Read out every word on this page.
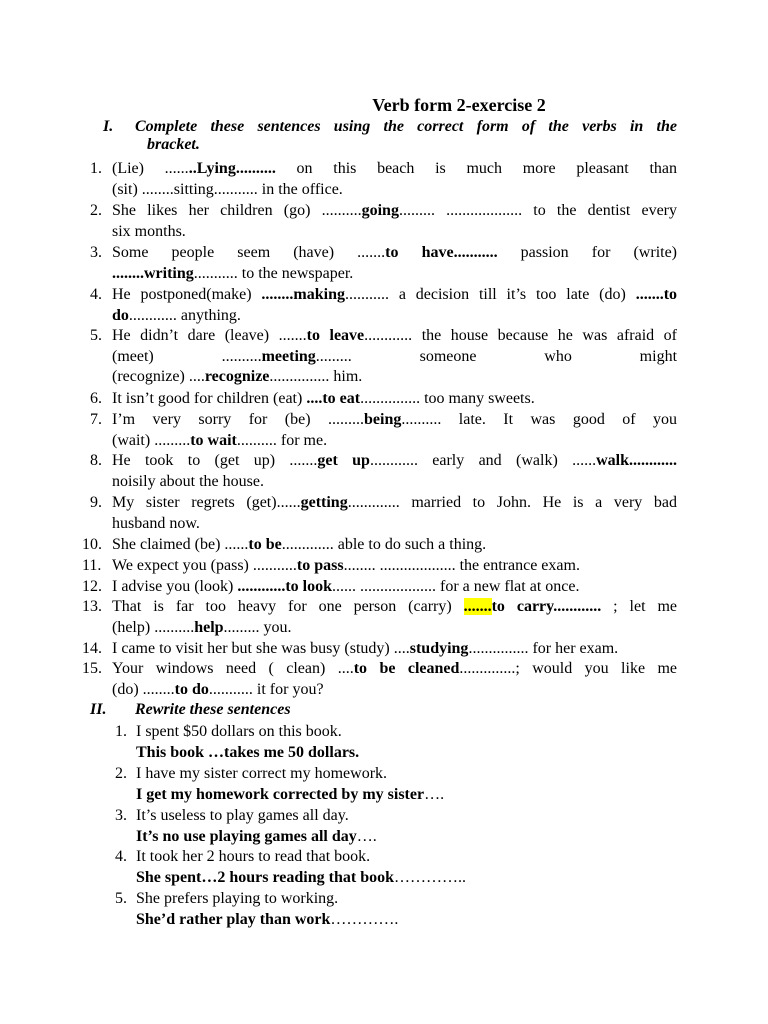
Verb form 2-exercise 2
I. Complete these sentences using the correct form of the verbs in the
bracket.
1. (Lie) ........Lying.......... on this beach is much more pleasant than

(sit) ........sitting........... in the office.

2. She likes her children (go) ..........going......... ................... to the dentist every

six months.

3. Some people seem (have) .......to have........... passion for (write)

........writing........... to the newspaper.

4. He postponed(make) ........making........... a decision till it’s too late (do) .......to

do............ anything.

5. He didn’t dare (leave) .......to leave............ the house because he was afraid of

(meet) ..........meeting......... someone who might

(recognize) ....recognize............... him.

6. It isn’t good for children (eat) ....to eat............... too many sweets.

7. I’m very sorry for (be) .........being.......... late. It was good of you

(wait) .........to wait.......... for me.

8. He took to (get up) .......get up............ early and (walk) ......walk............

noisily about the house.

9. My sister regrets (get)......getting............. married to John. He is a very bad

husband now.

10. She claimed (be) ......to be............. able to do such a thing.

11. We expect you (pass) ...........to pass........ ................... the entrance exam.

12. I advise you (look) ............to look...... ................... for a new flat at once.

13. That is far too heavy for one person (carry) .......to carry............ ; let me

(help) ..........help......... you.

14. I came to visit her but she was busy (study) ....studying............... for her exam.

15. Your windows need ( clean) ....to be cleaned..............; would you like me

(do) ........to do........... it for you?

II. Rewrite these sentences
1. I spent $50 dollars on this book.
This book …takes me 50 dollars.
2. I have my sister correct my homework.
I get my homework corrected by my sister….
3. It’s useless to play games all day.
It’s no use playing games all day….
4. It took her 2 hours to read that book.
She spent…2 hours reading that book…………..
5. She prefers playing to working.
She’d rather play than work………….
